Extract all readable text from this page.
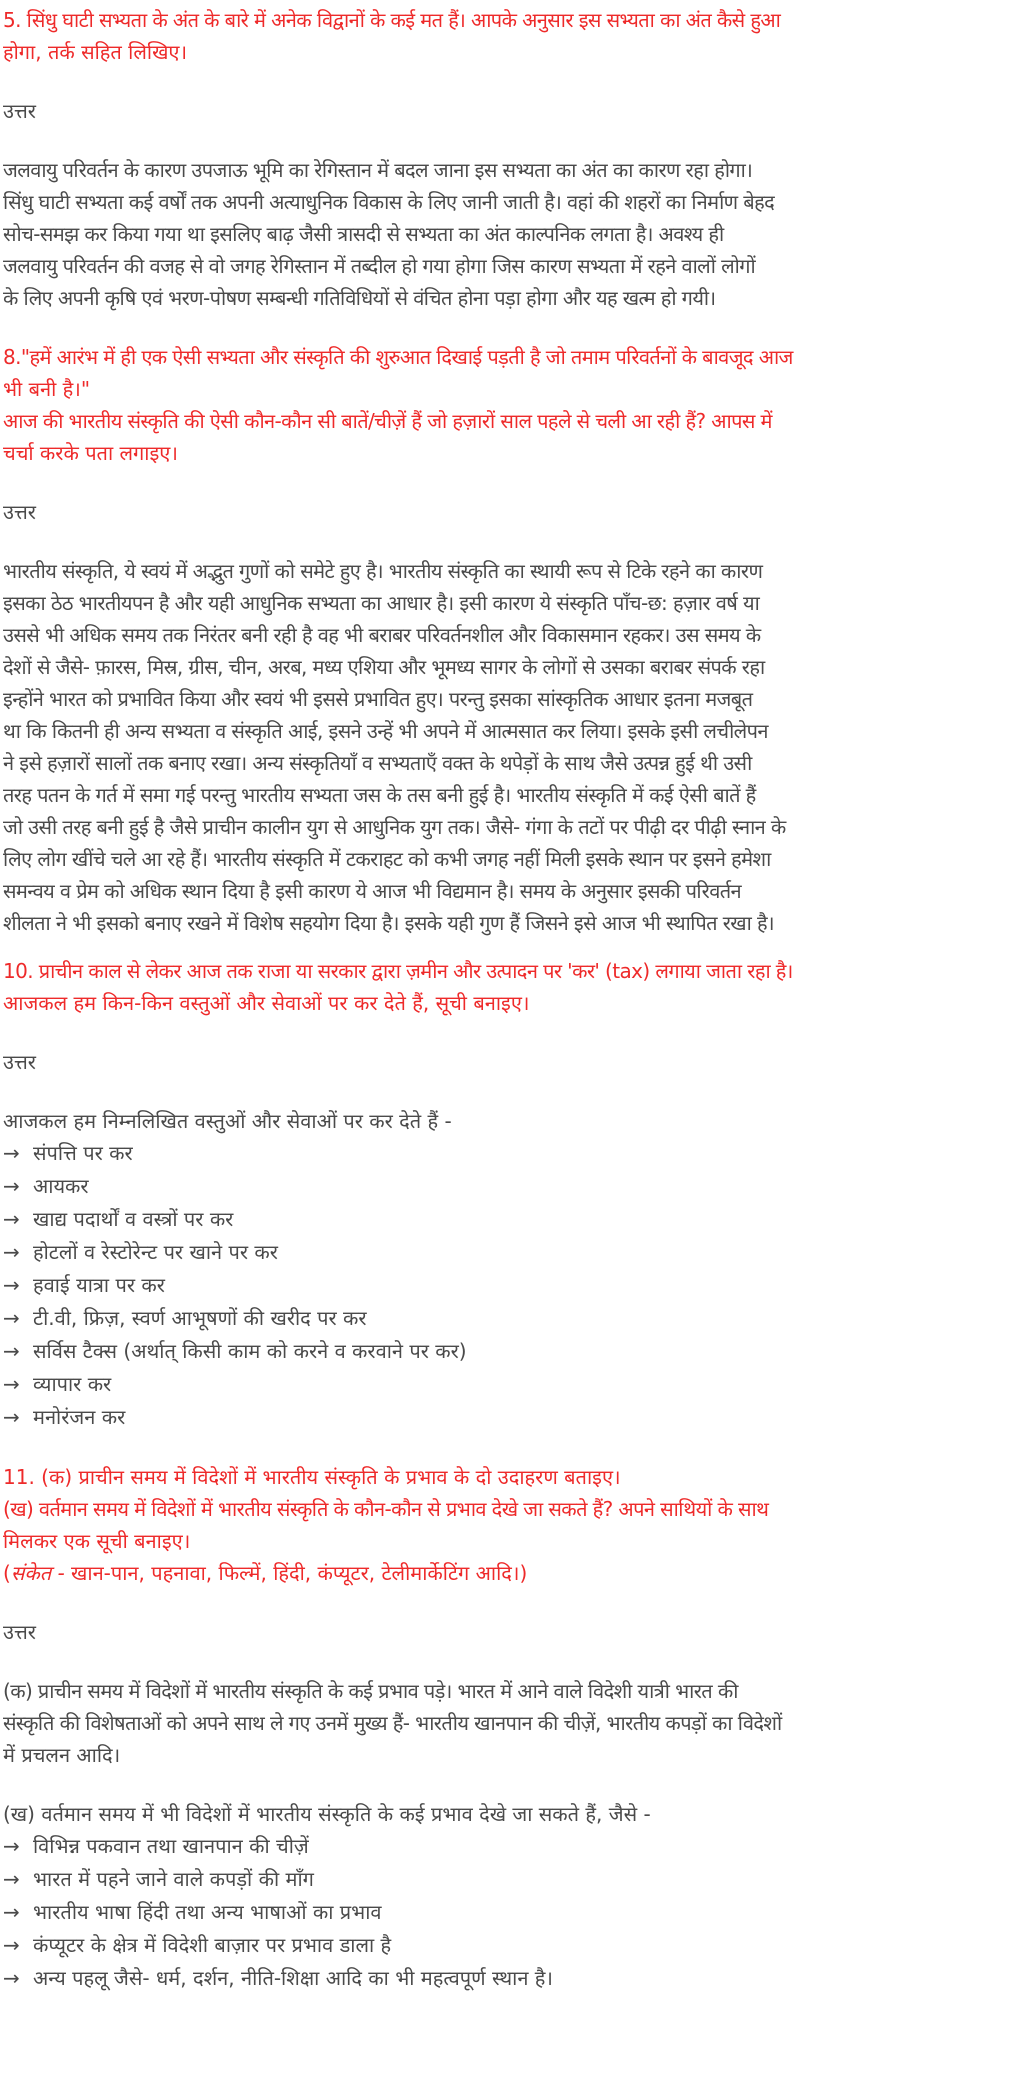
5. सिंधु घाटी सभ्यता के अंत के बारे में अनेक विद्वानों के कई मत हैं। आपके अनुसार इस सभ्यता का अंत कैसे हुआ

होगा, तर्क सहित लिखिए।

उत्तर

जलवायु परिवर्तन के कारण उपजाऊ भूमि का रेगिस्तान में बदल जाना इस सभ्यता का अंत का कारण रहा होगा।

सिंधु घाटी सभ्यता कई वर्षों तक अपनी अत्याधुनिक विकास के लिए जानी जाती है। वहां की शहरों का निर्माण बेहद

सोच-समझ कर किया गया था इसलिए बाढ़ जैसी त्रासदी से सभ्यता का अंत काल्पनिक लगता है। अवश्य ही

जलवायु परिवर्तन की वजह से वो जगह रेगिस्तान में तब्दील हो गया होगा जिस कारण सभ्यता में रहने वालों लोगों

के लिए अपनी कृषि एवं भरण-पोषण सम्बन्धी गतिविधियों से वंचित होना पड़ा होगा और यह खत्म हो गयी।

8."हमें आरंभ में ही एक ऐसी सभ्यता और संस्कृति की शुरुआत दिखाई पड़ती है जो तमाम परिवर्तनों के बावजूद आज

भी बनी है।"

आज की भारतीय संस्कृति की ऐसी कौन-कौन सी बातें/चीज़ें हैं जो हज़ारों साल पहले से चली आ रही हैं? आपस में

चर्चा करके पता लगाइए।

उत्तर

भारतीय संस्कृति, ये स्वयं में अद्भुत गुणों को समेटे हुए है। भारतीय संस्कृति का स्थायी रूप से टिके रहने का कारण

इसका ठेठ भारतीयपन है और यही आधुनिक सभ्यता का आधार है। इसी कारण ये संस्कृति पाँच-छ: हज़ार वर्ष या

उससे भी अधिक समय तक निरंतर बनी रही है वह भी बराबर परिवर्तनशील और विकासमान रहकर। उस समय के

देशों से जैसे- फ़ारस, मिस्र, ग्रीस, चीन, अरब, मध्य एशिया और भूमध्य सागर के लोगों से उसका बराबर संपर्क रहा

इन्होंने भारत को प्रभावित किया और स्वयं भी इससे प्रभावित हुए। परन्तु इसका सांस्कृतिक आधार इतना मजबूत

था कि कितनी ही अन्य सभ्यता व संस्कृति आई, इसने उन्हें भी अपने में आत्मसात कर लिया। इसके इसी लचीलेपन

ने इसे हज़ारों सालों तक बनाए रखा। अन्य संस्कृतियाँ व सभ्यताएँ वक्त के थपेड़ों के साथ जैसे उत्पन्न हुई थी उसी

तरह पतन के गर्त में समा गई परन्तु भारतीय सभ्यता जस के तस बनी हुई है। भारतीय संस्कृति में कई ऐसी बातें हैं

जो उसी तरह बनी हुई है जैसे प्राचीन कालीन युग से आधुनिक युग तक। जैसे- गंगा के तटों पर पीढ़ी दर पीढ़ी स्नान के

लिए लोग खींचे चले आ रहे हैं। भारतीय संस्कृति में टकराहट को कभी जगह नहीं मिली इसके स्थान पर इसने हमेशा

समन्वय व प्रेम को अधिक स्थान दिया है इसी कारण ये आज भी विद्यमान है। समय के अनुसार इसकी परिवर्तन

शीलता ने भी इसको बनाए रखने में विशेष सहयोग दिया है। इसके यही गुण हैं जिसने इसे आज भी स्थापित रखा है।

10. प्राचीन काल से लेकर आज तक राजा या सरकार द्वारा ज़मीन और उत्पादन पर 'कर' (tax) लगाया जाता रहा है।

आजकल हम किन-किन वस्तुओं और सेवाओं पर कर देते हैं, सूची बनाइए।

उत्तर

आजकल हम निम्नलिखित वस्तुओं और सेवाओं पर कर देते हैं -

→ संपत्ति पर कर

→ आयकर

→ खाद्य पदार्थों व वस्त्रों पर कर

→ होटलों व रेस्टोरेन्ट पर खाने पर कर

→ हवाई यात्रा पर कर

→ टी.वी, फ्रिज़, स्वर्ण आभूषणों की खरीद पर कर

→ सर्विस टैक्स (अर्थात् किसी काम को करने व करवाने पर कर)

→ व्यापार कर

→ मनोरंजन कर

11. (क) प्राचीन समय में विदेशों में भारतीय संस्कृति के प्रभाव के दो उदाहरण बताइए।

(ख) वर्तमान समय में विदेशों में भारतीय संस्कृति के कौन-कौन से प्रभाव देखे जा सकते हैं? अपने साथियों के साथ

मिलकर एक सूची बनाइए।

(संकेत - खान-पान, पहनावा, फिल्में, हिंदी, कंप्यूटर, टेलीमार्केटिंग आदि।)

उत्तर

(क) प्राचीन समय में विदेशों में भारतीय संस्कृति के कई प्रभाव पड़े। भारत में आने वाले विदेशी यात्री भारत की

संस्कृति की विशेषताओं को अपने साथ ले गए उनमें मुख्य हैं- भारतीय खानपान की चीज़ें, भारतीय कपड़ों का विदेशों

में प्रचलन आदि।

(ख) वर्तमान समय में भी विदेशों में भारतीय संस्कृति के कई प्रभाव देखे जा सकते हैं, जैसे -

→ विभिन्न पकवान तथा खानपान की चीज़ें

→ भारत में पहने जाने वाले कपड़ों की माँग

→ भारतीय भाषा हिंदी तथा अन्य भाषाओं का प्रभाव

→ कंप्यूटर के क्षेत्र में विदेशी बाज़ार पर प्रभाव डाला है

→ अन्य पहलू जैसे- धर्म, दर्शन, नीति-शिक्षा आदि का भी महत्वपूर्ण स्थान है।
